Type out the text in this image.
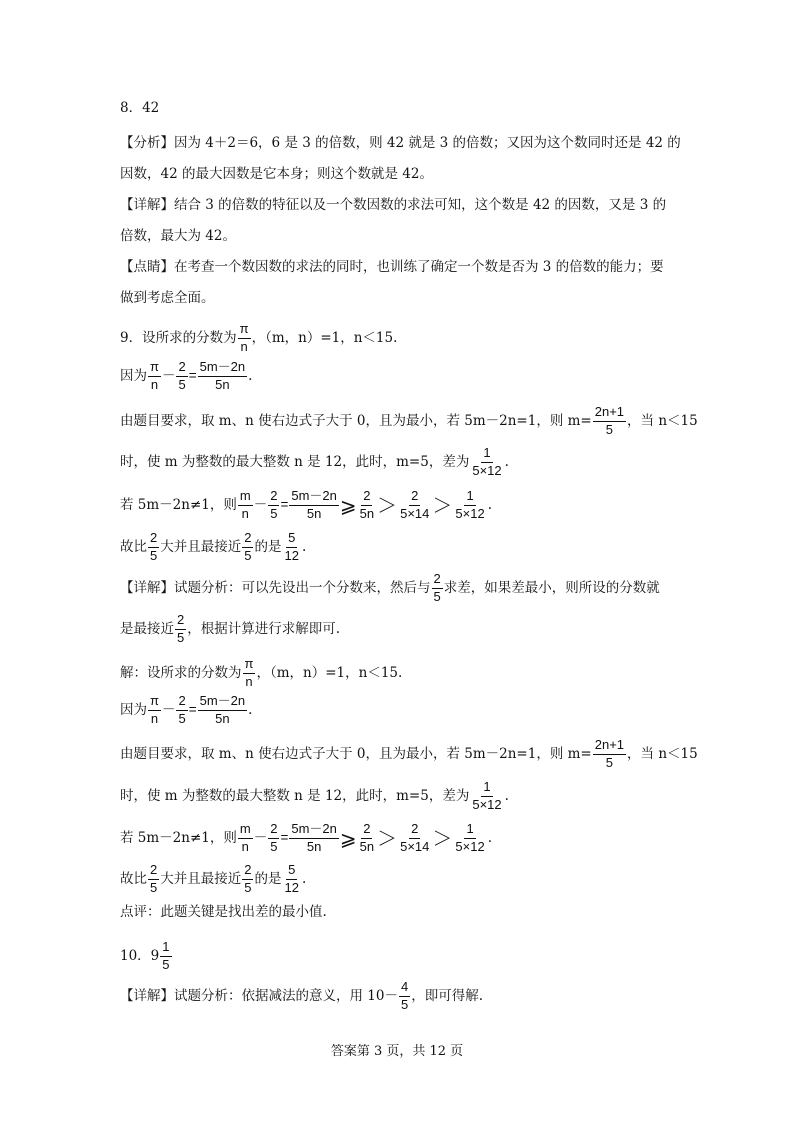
8．42
【分析】因为 4＋2＝6，6 是 3 的倍数，则 42 就是 3 的倍数；又因为这个数同时还是 42 的
因数，42 的最大因数是它本身；则这个数就是 42。
【详解】结合 3 的倍数的特征以及一个数因数的求法可知，这个数是 42 的因数，又是 3 的
倍数，最大为 42。
【点睛】在考查一个数因数的求法的同时，也训练了确定一个数是否为 3 的倍数的能力；要
做到考虑全面。
9．设所求的分数为 $\frac{\pi}{n}$ ，（m，n）=1，n＜15.
因为 $\frac{\pi}{n} - \frac{2}{5} = \frac{5m-2n}{5n}$ .
由题目要求，取 m、n 使右边式子大于 0，且为最小，若 5m－2n=1，则 $m= \frac{2n+1}{5}$ ，当 n＜15
时，使 m 为整数的最大整数 n 是 12，此时，m=5，差为 $\frac{1}{5\times 12}$ .
若 5m－2n≠1，则 $\frac{m}{n} - \frac{2}{5} = \frac{5m-2n}{5n}$ ⩾ $\frac{2}{5n} > \frac{2}{5\times 14} > \frac{1}{5\times 12}$ .
故比 $\frac{2}{5}$ 大并且最接近 $\frac{2}{5}$ 的是 $\frac{5}{12}$ .
【详解】试题分析：可以先设出一个分数来，然后与 $\frac{2}{5}$ 求差，如果差最小，则所设的分数就
是最接近 $\frac{2}{5}$ ，根据计算进行求解即可.
解：设所求的分数为 $\frac{\pi}{n}$ ，（m，n）=1，n＜15.
因为 $\frac{\pi}{n} - \frac{2}{5} = \frac{5m-2n}{5n}$ .
由题目要求，取 m、n 使右边式子大于 0，且为最小，若 5m－2n=1，则 $m= \frac{2n+1}{5}$ ，当 n＜15
时，使 m 为整数的最大整数 n 是 12，此时，m=5，差为 $\frac{1}{5\times 12}$ .
若 5m－2n≠1，则 $\frac{m}{n} - \frac{2}{5} = \frac{5m-2n}{5n}$ ⩾ $\frac{2}{5n} > \frac{2}{5\times 14} > \frac{1}{5\times 12}$ .
故比 $\frac{2}{5}$ 大并且最接近 $\frac{2}{5}$ 的是 $\frac{5}{12}$ .
点评：此题关键是找出差的最小值.
10．$9 \frac{1}{5}$
【详解】试题分析：依据减法的意义，用 $10- \frac{4}{5}$ ，即可得解.
答案第 3 页，共 12 页
